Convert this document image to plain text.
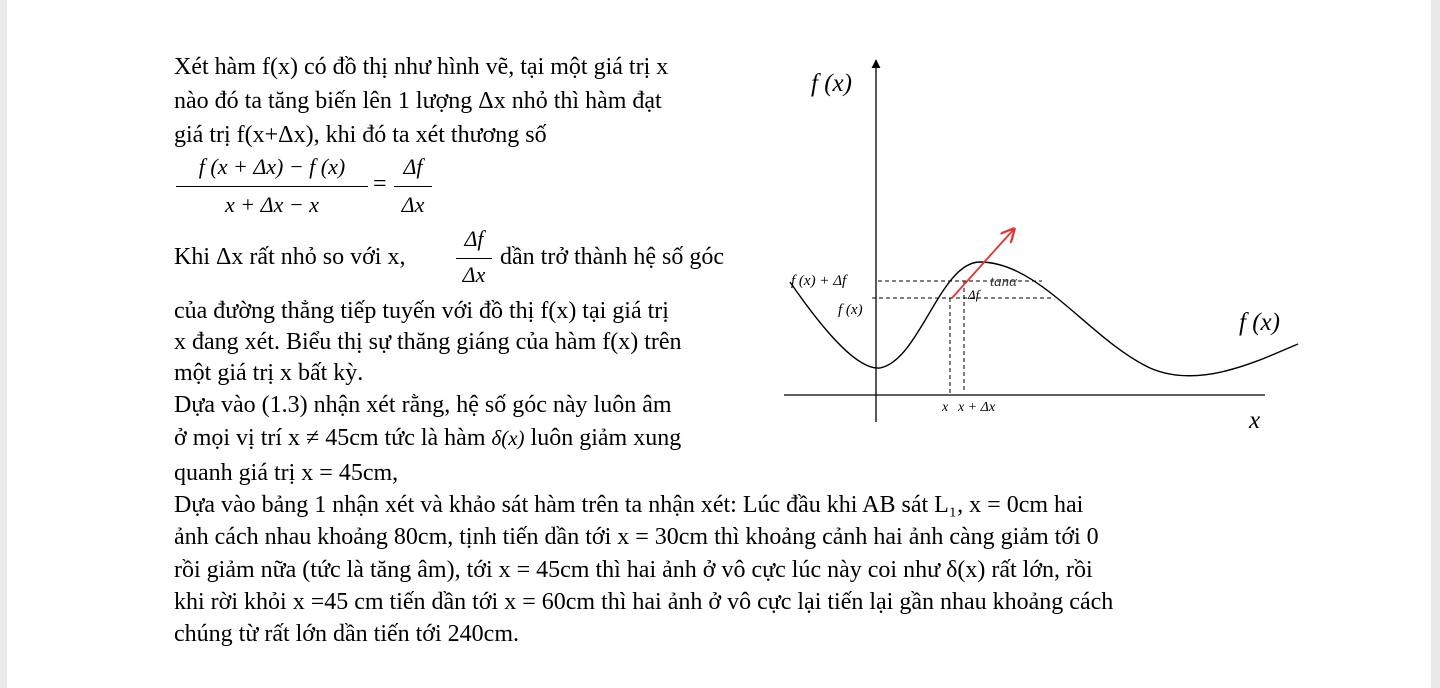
Xét hàm f(x) có đồ thị như hình vẽ, tại một giá trị x
nào đó ta tăng biến lên 1 lượng Δx nhỏ thì hàm đạt
giá trị f(x+Δx), khi đó ta xét thương số
f (x + Δx) − f (x)
x + Δx − x
=
Δf
Δx
Khi Δx rất nhỏ so với x,
Δf
Δx
dần trở thành hệ số góc
của đường thẳng tiếp tuyến với đồ thị f(x) tại giá trị
x đang xét. Biểu thị sự thăng giáng của hàm f(x) trên
một giá trị x bất kỳ.
Dựa vào (1.3) nhận xét rằng, hệ số góc này luôn âm
ở mọi vị trí x ≠ 45cm tức là hàm δ(x) luôn giảm xung
quanh giá trị x = 45cm,
Dựa vào bảng 1 nhận xét và khảo sát hàm trên ta nhận xét: Lúc đầu khi AB sát L₁, x = 0cm hai
ảnh cách nhau khoảng 80cm, tịnh tiến dần tới x = 30cm thì khoảng cảnh hai ảnh càng giảm tới 0
rồi giảm nữa (tức là tăng âm), tới x = 45cm thì hai ảnh ở vô cực lúc này coi như δ(x) rất lớn, rồi
khi rời khỏi x =45 cm tiến dần tới x = 60cm thì hai ảnh ở vô cực lại tiến lại gần nhau khoảng cách
chúng từ rất lớn dần tiến tới 240cm.
f (x)
x
f (x)
f (x) + Δf
f (x)
Δf
tanα
x x + Δx
